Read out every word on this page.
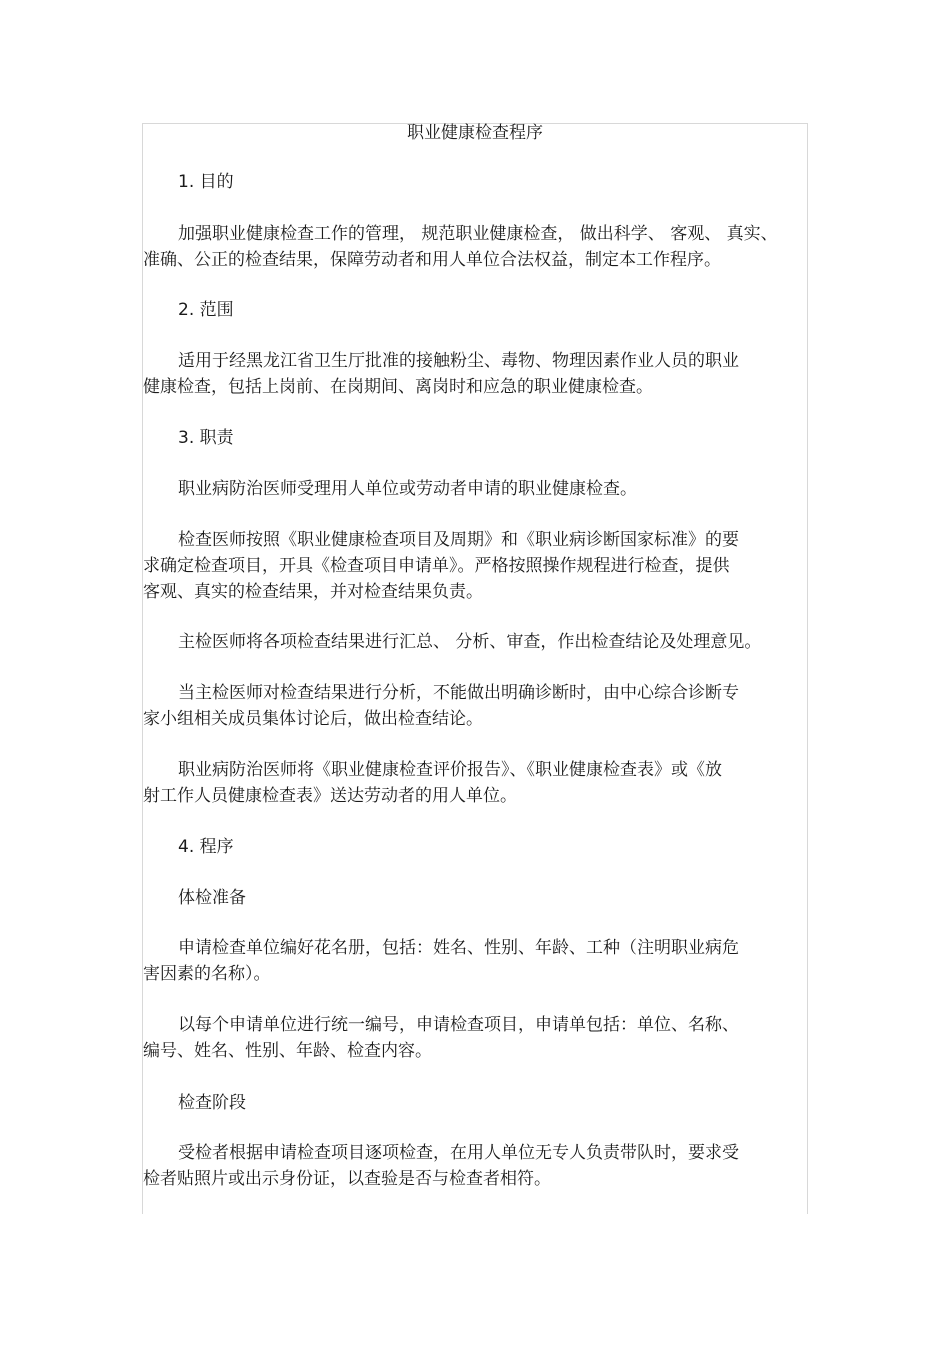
职业健康检查程序

1. 目的

加强职业健康检查工作的管理， 规范职业健康检查， 做出科学、 客观、 真实、
准确、公正的检查结果，保障劳动者和用人单位合法权益，制定本工作程序。

2. 范围

适用于经黑龙江省卫生厅批准的接触粉尘、毒物、物理因素作业人员的职业
健康检查，包括上岗前、在岗期间、离岗时和应急的职业健康检查。

3. 职责

职业病防治医师受理用人单位或劳动者申请的职业健康检查。

检查医师按照《职业健康检查项目及周期》和《职业病诊断国家标准》的要
求确定检查项目，开具《检查项目申请单》。严格按照操作规程进行检查，提供
客观、真实的检查结果，并对检查结果负责。

主检医师将各项检查结果进行汇总、 分析、审查，作出检查结论及处理意见。

当主检医师对检查结果进行分析，不能做出明确诊断时，由中心综合诊断专
家小组相关成员集体讨论后，做出检查结论。
职业病防治医师将《职业健康检查评价报告》、《职业健康检查表》或《放
射工作人员健康检查表》送达劳动者的用人单位。

4. 程序

体检准备

申请检查单位编好花名册，包括：姓名、性别、年龄、工种（注明职业病危
害因素的名称）。
以每个申请单位进行统一编号，申请检查项目，申请单包括：单位、名称、
编号、姓名、性别、年龄、检查内容。

检查阶段

受检者根据申请检查项目逐项检查，在用人单位无专人负责带队时，要求受
检者贴照片或出示身份证，以查验是否与检查者相符。
